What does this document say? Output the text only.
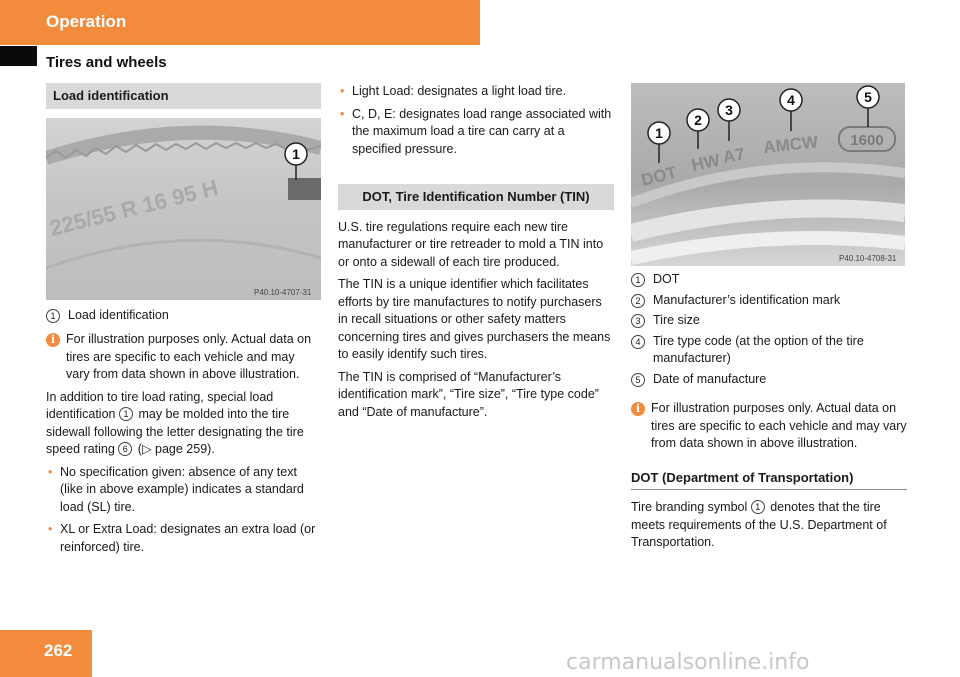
Operation
Tires and wheels
Load identification
225/55 R 16 95 H
1
P40.10-4707-31
1	Load identification
i For illustration purposes only. Actual data on tires are specific to each vehicle and may vary from data shown in above illustration.

In addition to tire load rating, special load identification 1 may be molded into the tire sidewall following the letter designating the tire speed rating 6 (▷ page 259).

• No specification given: absence of any text (like in above example) indicates a standard load (SL) tire.
• XL or Extra Load: designates an extra load (or reinforced) tire.
• Light Load: designates a light load tire.
• C, D, E: designates load range associated with the maximum load a tire can carry at a specified pressure.
DOT, Tire Identification Number (TIN)

U.S. tire regulations require each new tire manufacturer or tire retreader to mold a TIN into or onto a sidewall of each tire produced.

The TIN is a unique identifier which facilitates efforts by tire manufactures to notify purchasers in recall situations or other safety matters concerning tires and gives purchasers the means to easily identify such tires.

The TIN is comprised of “Manufacturer’s identification mark”, “Tire size”, “Tire type code” and “Date of manufacture”.

DOT
HW A7 AMCW 1600
1
2
3
4	5
P40.10-4708-31
1	DOT
2	Manufacturer’s identification mark
3	Tire size
4	Tire type code (at the option of the tire manufacturer)
5	Date of manufacture
i For illustration purposes only. Actual data on tires are specific to each vehicle and may vary from data shown in above illustration.
DOT (Department of Transportation)

Tire branding symbol 1 denotes that the tire meets requirements of the U.S. Department of Transportation.

262	carmanualsonline.info
